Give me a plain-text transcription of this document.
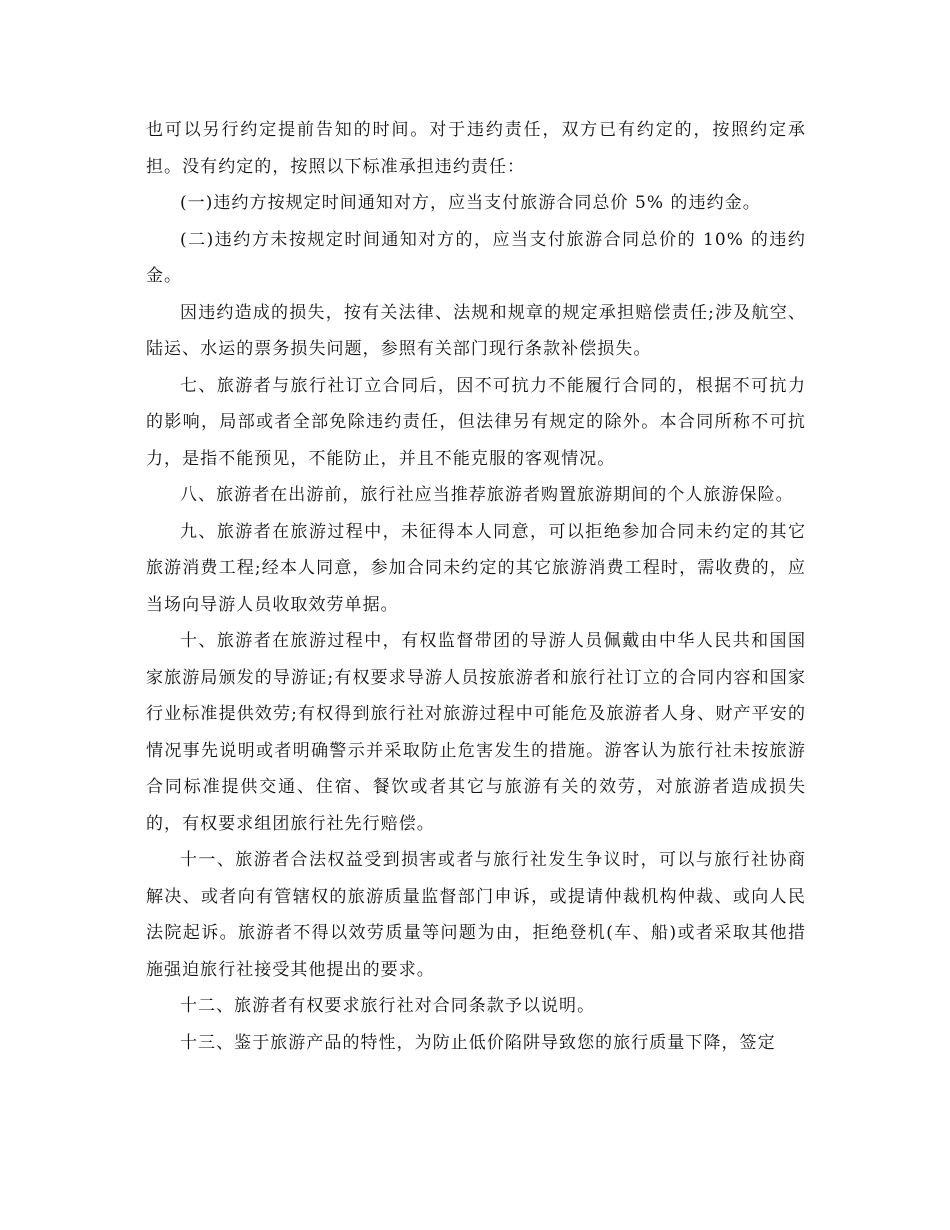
也可以另行约定提前告知的时间。对于违约责任，双方已有约定的，按照约定承担。没有约定的，按照以下标准承担违约责任：

(一)违约方按规定时间通知对方，应当支付旅游合同总价 5% 的违约金。

(二)违约方未按规定时间通知对方的，应当支付旅游合同总价的 10% 的违约金。

因违约造成的损失，按有关法律、法规和规章的规定承担赔偿责任;涉及航空、陆运、水运的票务损失问题，参照有关部门现行条款补偿损失。

七、旅游者与旅行社订立合同后，因不可抗力不能履行合同的，根据不可抗力的影响，局部或者全部免除违约责任，但法律另有规定的除外。本合同所称不可抗力，是指不能预见，不能防止，并且不能克服的客观情况。

八、旅游者在出游前，旅行社应当推荐旅游者购置旅游期间的个人旅游保险。

九、旅游者在旅游过程中，未征得本人同意，可以拒绝参加合同未约定的其它旅游消费工程;经本人同意，参加合同未约定的其它旅游消费工程时，需收费的，应当场向导游人员收取效劳单据。

十、旅游者在旅游过程中，有权监督带团的导游人员佩戴由中华人民共和国国家旅游局颁发的导游证;有权要求导游人员按旅游者和旅行社订立的合同内容和国家行业标准提供效劳;有权得到旅行社对旅游过程中可能危及旅游者人身、财产平安的情况事先说明或者明确警示并采取防止危害发生的措施。游客认为旅行社未按旅游合同标准提供交通、住宿、餐饮或者其它与旅游有关的效劳，对旅游者造成损失的，有权要求组团旅行社先行赔偿。

十一、旅游者合法权益受到损害或者与旅行社发生争议时，可以与旅行社协商解决、或者向有管辖权的旅游质量监督部门申诉，或提请仲裁机构仲裁、或向人民法院起诉。旅游者不得以效劳质量等问题为由，拒绝登机(车、船)或者采取其他措施强迫旅行社接受其他提出的要求。

十二、旅游者有权要求旅行社对合同条款予以说明。

十三、鉴于旅游产品的特性，为防止低价陷阱导致您的旅行质量下降，签定
